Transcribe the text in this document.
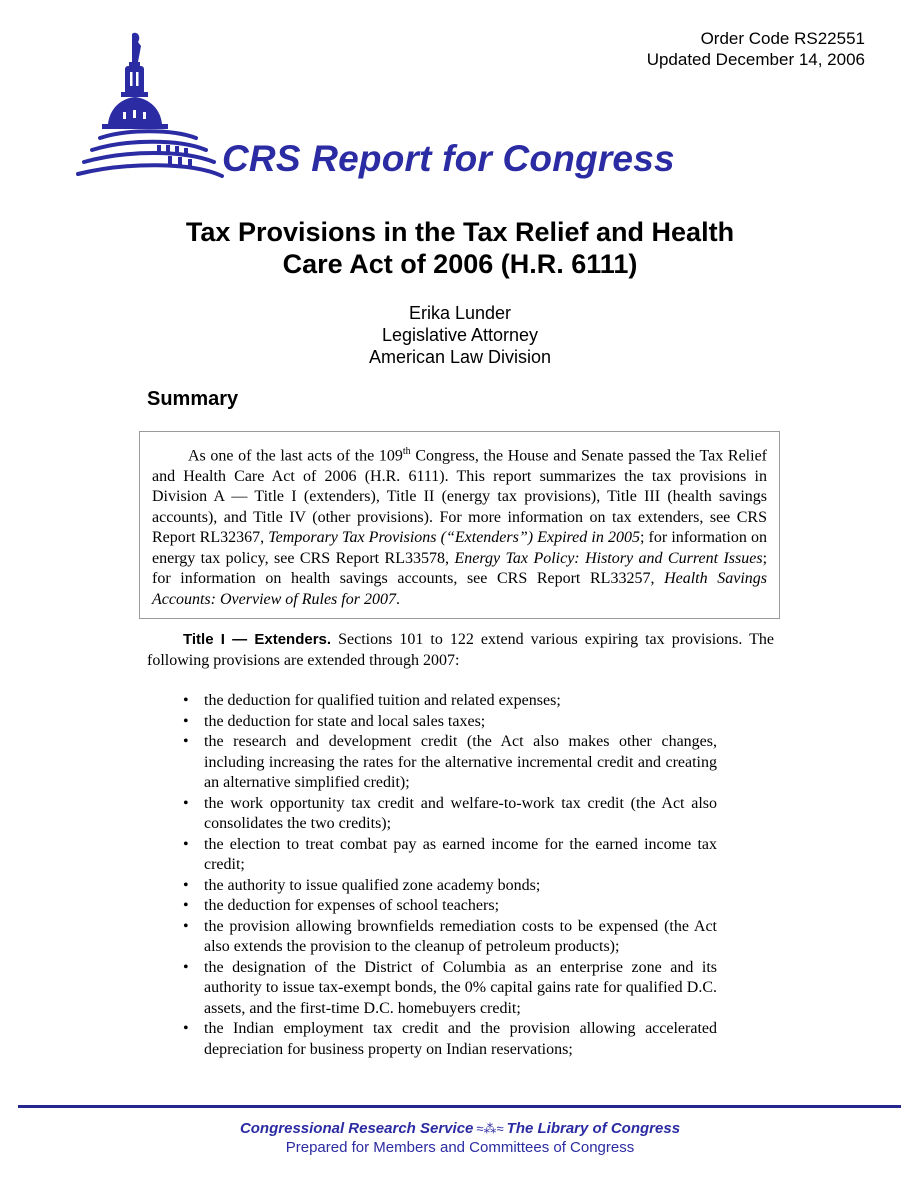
Order Code RS22551
Updated December 14, 2006
CRS Report for Congress
Tax Provisions in the Tax Relief and Health
Care Act of 2006 (H.R. 6111)
Erika Lunder
Legislative Attorney
American Law Division
Summary

As one of the last acts of the 109th Congress, the House and Senate passed the Tax Relief and Health Care Act of 2006 (H.R. 6111). This report summarizes the tax provisions in Division A — Title I (extenders), Title II (energy tax provisions), Title III (health savings accounts), and Title IV (other provisions). For more information on tax extenders, see CRS Report RL32367, Temporary Tax Provisions (“Extenders”) Expired in 2005; for information on energy tax policy, see CRS Report RL33578, Energy Tax Policy: History and Current Issues; for information on health savings accounts, see CRS Report RL33257, Health Savings Accounts: Overview of Rules for 2007.

Title I — Extenders. Sections 101 to 122 extend various expiring tax provisions. The following provisions are extended through 2007:
• the deduction for qualified tuition and related expenses;
• the deduction for state and local sales taxes;
• the research and development credit (the Act also makes other changes, including increasing the rates for the alternative incremental credit and creating an alternative simplified credit);
• the work opportunity tax credit and welfare-to-work tax credit (the Act also consolidates the two credits);
• the election to treat combat pay as earned income for the earned income tax credit;
• the authority to issue qualified zone academy bonds;
• the deduction for expenses of school teachers;
• the provision allowing brownfields remediation costs to be expensed (the Act also extends the provision to the cleanup of petroleum products);
• the designation of the District of Columbia as an enterprise zone and its authority to issue tax-exempt bonds, the 0% capital gains rate for qualified D.C. assets, and the first-time D.C. homebuyers credit;
• the Indian employment tax credit and the provision allowing accelerated depreciation for business property on Indian reservations;
Congressional Research Service ≈⁂≈ The Library of Congress
Prepared for Members and Committees of Congress
